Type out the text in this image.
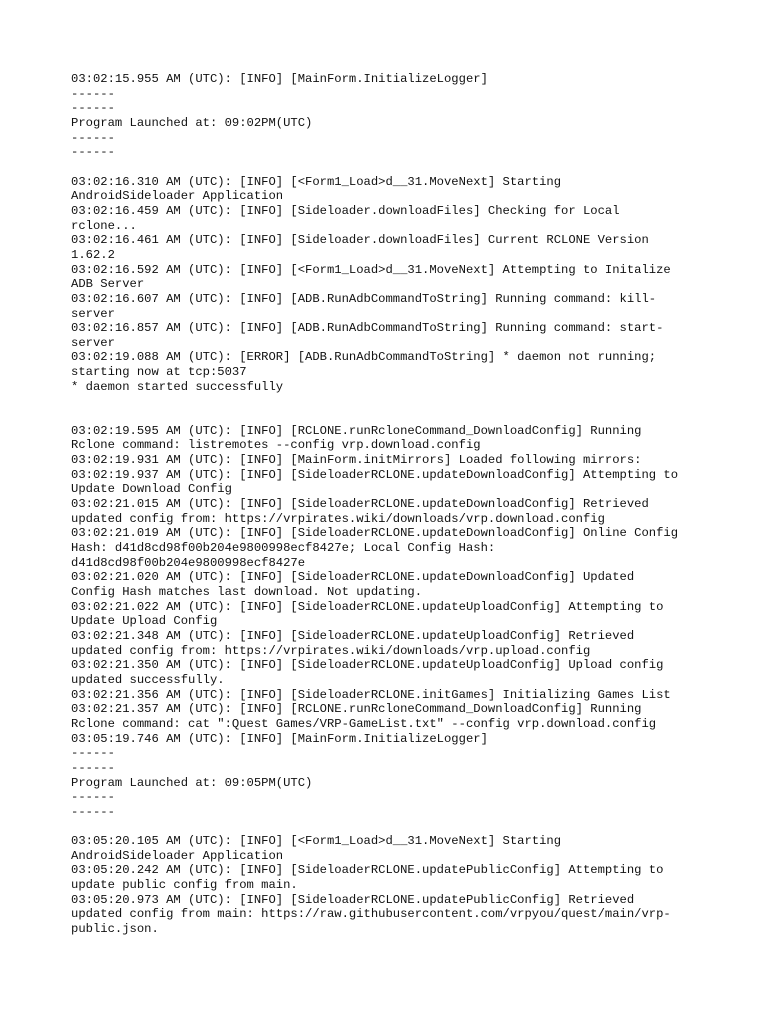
03:02:15.955 AM (UTC): [INFO] [MainForm.InitializeLogger]
------
------
Program Launched at: 09:02PM(UTC)
------
------

03:02:16.310 AM (UTC): [INFO] [<Form1_Load>d__31.MoveNext] Starting
AndroidSideloader Application
03:02:16.459 AM (UTC): [INFO] [Sideloader.downloadFiles] Checking for Local
rclone...
03:02:16.461 AM (UTC): [INFO] [Sideloader.downloadFiles] Current RCLONE Version
1.62.2
03:02:16.592 AM (UTC): [INFO] [<Form1_Load>d__31.MoveNext] Attempting to Initalize
ADB Server
03:02:16.607 AM (UTC): [INFO] [ADB.RunAdbCommandToString] Running command: kill-
server
03:02:16.857 AM (UTC): [INFO] [ADB.RunAdbCommandToString] Running command: start-
server
03:02:19.088 AM (UTC): [ERROR] [ADB.RunAdbCommandToString] * daemon not running;
starting now at tcp:5037
* daemon started successfully

03:02:19.595 AM (UTC): [INFO] [RCLONE.runRcloneCommand_DownloadConfig] Running
Rclone command: listremotes --config vrp.download.config
03:02:19.931 AM (UTC): [INFO] [MainForm.initMirrors] Loaded following mirrors:
03:02:19.937 AM (UTC): [INFO] [SideloaderRCLONE.updateDownloadConfig] Attempting to
Update Download Config
03:02:21.015 AM (UTC): [INFO] [SideloaderRCLONE.updateDownloadConfig] Retrieved
updated config from: https://vrpirates.wiki/downloads/vrp.download.config
03:02:21.019 AM (UTC): [INFO] [SideloaderRCLONE.updateDownloadConfig] Online Config
Hash: d41d8cd98f00b204e9800998ecf8427e; Local Config Hash:
d41d8cd98f00b204e9800998ecf8427e
03:02:21.020 AM (UTC): [INFO] [SideloaderRCLONE.updateDownloadConfig] Updated
Config Hash matches last download. Not updating.
03:02:21.022 AM (UTC): [INFO] [SideloaderRCLONE.updateUploadConfig] Attempting to
Update Upload Config
03:02:21.348 AM (UTC): [INFO] [SideloaderRCLONE.updateUploadConfig] Retrieved
updated config from: https://vrpirates.wiki/downloads/vrp.upload.config
03:02:21.350 AM (UTC): [INFO] [SideloaderRCLONE.updateUploadConfig] Upload config
updated successfully.
03:02:21.356 AM (UTC): [INFO] [SideloaderRCLONE.initGames] Initializing Games List
03:02:21.357 AM (UTC): [INFO] [RCLONE.runRcloneCommand_DownloadConfig] Running
Rclone command: cat ":Quest Games/VRP-GameList.txt" --config vrp.download.config
03:05:19.746 AM (UTC): [INFO] [MainForm.InitializeLogger]
------
------
Program Launched at: 09:05PM(UTC)
------
------

03:05:20.105 AM (UTC): [INFO] [<Form1_Load>d__31.MoveNext] Starting
AndroidSideloader Application
03:05:20.242 AM (UTC): [INFO] [SideloaderRCLONE.updatePublicConfig] Attempting to
update public config from main.
03:05:20.973 AM (UTC): [INFO] [SideloaderRCLONE.updatePublicConfig] Retrieved
updated config from main: https://raw.githubusercontent.com/vrpyou/quest/main/vrp-
public.json.
